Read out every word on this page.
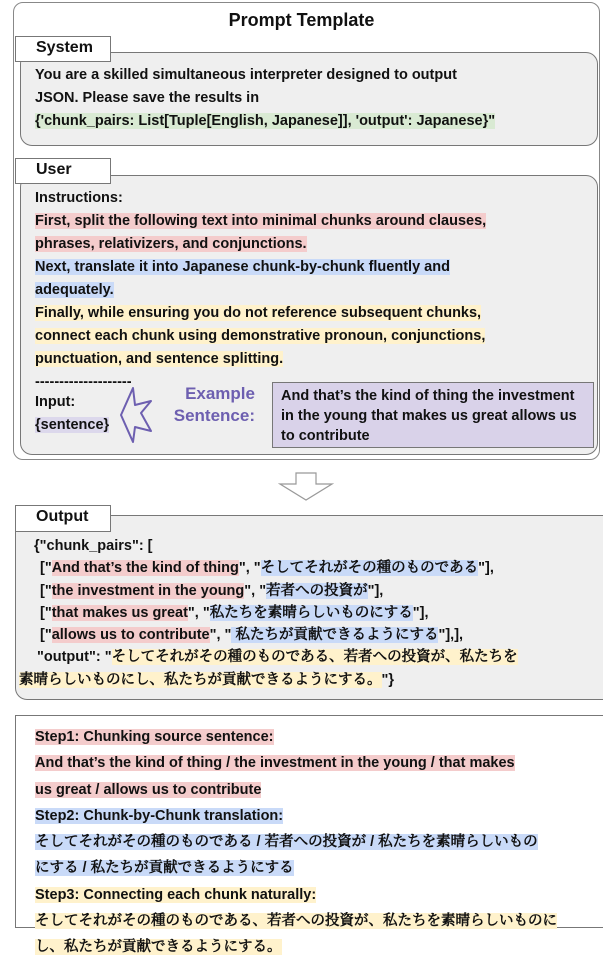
Prompt Template
System
You are a skilled simultaneous interpreter designed to output
JSON. Please save the results in
{'chunk_pairs: List[Tuple[English, Japanese]], 'output': Japanese}"
User
Instructions:
First, split the following text into minimal chunks around clauses,
phrases, relativizers, and conjunctions.
Next, translate it into Japanese chunk-by-chunk fluently and
adequately.
Finally, while ensuring you do not reference subsequent chunks,
connect each chunk using demonstrative pronoun, conjunctions,
punctuation, and sentence splitting.
--------------------
Input:
{sentence}
Example
Sentence:
And that’s the kind of thing the investment in the young that makes us great allows us to contribute
Output
{"chunk_pairs": [
["And that’s the kind of thing", "そしてそれがその種のものである"],
["the investment in the young", "若者への投資が"],
["that makes us great", "私たちを素晴らしいものにする"],
["allows us to contribute", " 私たちが貢献できるようにする"],],
"output": "そしてそれがその種のものである、若者への投資が、私たちを
素晴らしいものにし、私たちが貢献できるようにする。"}
Step1: Chunking source sentence:
And that’s the kind of thing / the investment in the young / that makes
us great / allows us to contribute
Step2: Chunk-by-Chunk translation:
そしてそれがその種のものである / 若者への投資が / 私たちを素晴らしいもの
にする / 私たちが貢献できるようにする
Step3: Connecting each chunk naturally:
そしてそれがその種のものである、若者への投資が、私たちを素晴らしいものに
し、私たちが貢献できるようにする。
